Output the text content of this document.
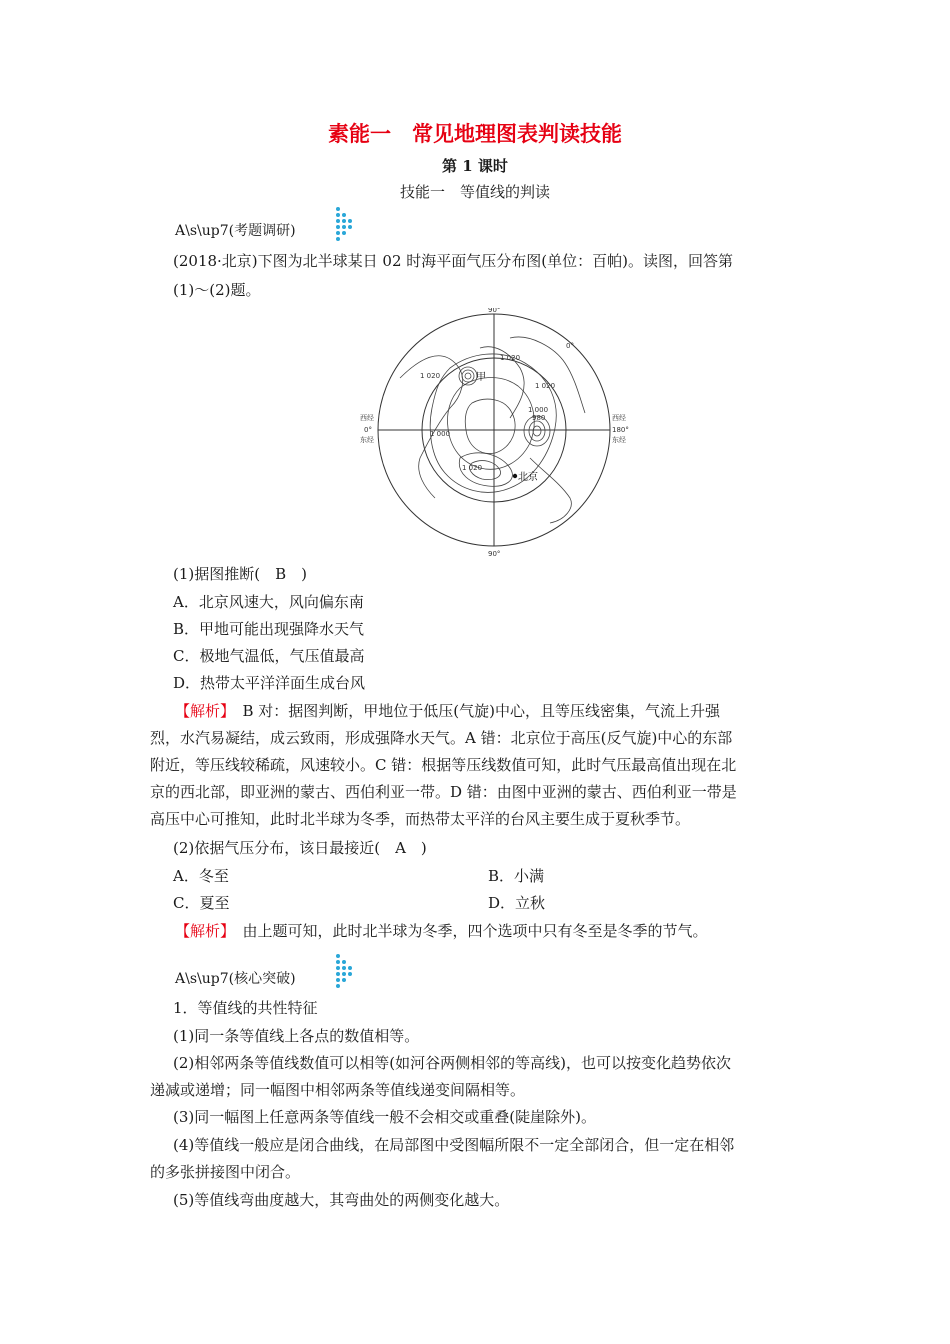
素能一　常见地理图表判读技能
第 1 课时
技能一　等值线的判读
A\s\up7(考题调研)
(2018·北京)下图为北半球某日 02 时海平面气压分布图(单位：百帕)。读图，回答第
(1)～(2)题。
90°
90°
西经
0°
东经
西经
180°
东经
0°
1 020
1 020
1 000
980
1 020
1 000
1 020
甲
北京
(1)据图推断(　B　)
A．北京风速大，风向偏东南
B．甲地可能出现强降水天气
C．极地气温低，气压值最高
D．热带太平洋洋面生成台风
【解析】　B 对：据图判断，甲地位于低压(气旋)中心，且等压线密集，气流上升强
烈，水汽易凝结，成云致雨，形成强降水天气。A 错：北京位于高压(反气旋)中心的东部
附近，等压线较稀疏，风速较小。C 错：根据等压线数值可知，此时气压最高值出现在北
京的西北部，即亚洲的蒙古、西伯利亚一带。D 错：由图中亚洲的蒙古、西伯利亚一带是
高压中心可推知，此时北半球为冬季，而热带太平洋的台风主要生成于夏秋季节。
(2)依据气压分布，该日最接近(　A　)
A．冬至	B．小满
C．夏至	D．立秋
【解析】　由上题可知，此时北半球为冬季，四个选项中只有冬至是冬季的节气。
A\s\up7(核心突破)
1．等值线的共性特征
(1)同一条等值线上各点的数值相等。
(2)相邻两条等值线数值可以相等(如河谷两侧相邻的等高线)，也可以按变化趋势依次
递减或递增；同一幅图中相邻两条等值线递变间隔相等。
(3)同一幅图上任意两条等值线一般不会相交或重叠(陡崖除外)。
(4)等值线一般应是闭合曲线，在局部图中受图幅所限不一定全部闭合，但一定在相邻
的多张拼接图中闭合。
(5)等值线弯曲度越大，其弯曲处的两侧变化越大。
